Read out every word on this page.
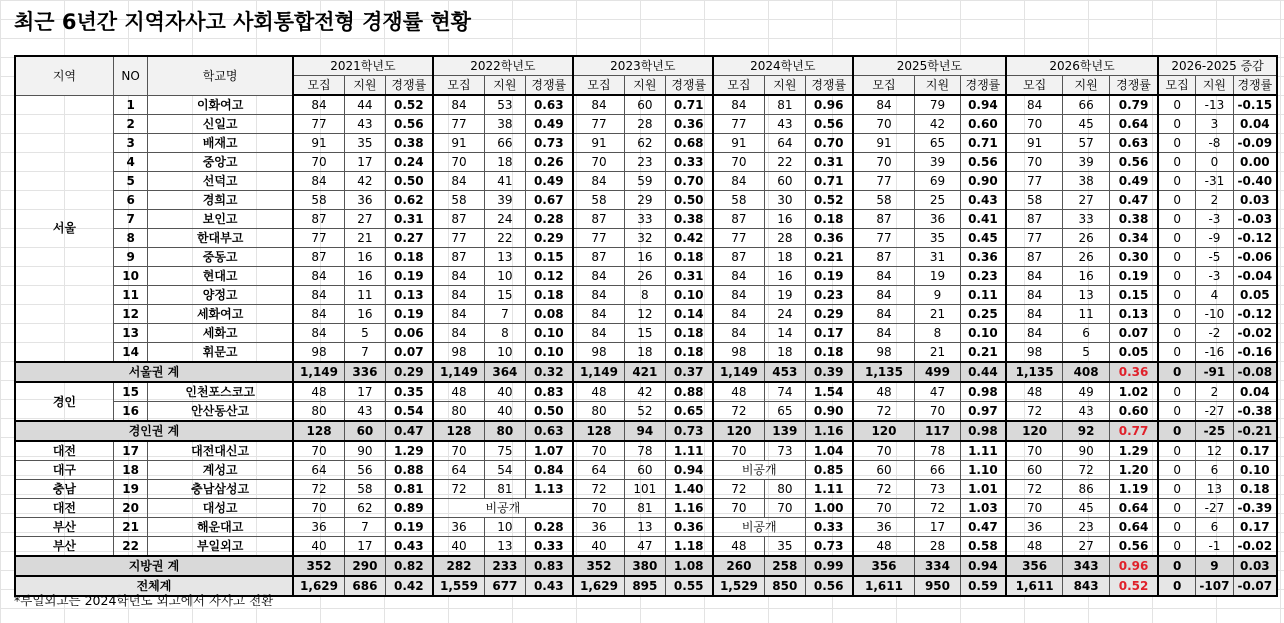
최근 6년간 지역자사고 사회통합전형 경쟁률 현황
지역	NO	학교명	2021학년도			2022학년도			2023학년도			2024학년도			2025학년도			2026학년도			2026-2025 증감		
			모집	지원	경쟁률	모집	지원	경쟁률	모집	지원	경쟁률	모집	지원	경쟁률	모집	지원	경쟁률	모집	지원	경쟁률	모집	지원	경쟁률
서울	1	이화여고	84	44	0.52	84	53	0.63	84	60	0.71	84	81	0.96	84	79	0.94	84	66	0.79	0	-13	-0.15
	2	신일고	77	43	0.56	77	38	0.49	77	28	0.36	77	43	0.56	70	42	0.60	70	45	0.64	0	3	0.04
	3	배재고	91	35	0.38	91	66	0.73	91	62	0.68	91	64	0.70	91	65	0.71	91	57	0.63	0	-8	-0.09
	4	중앙고	70	17	0.24	70	18	0.26	70	23	0.33	70	22	0.31	70	39	0.56	70	39	0.56	0	0	0.00
	5	선덕고	84	42	0.50	84	41	0.49	84	59	0.70	84	60	0.71	77	69	0.90	77	38	0.49	0	-31	-0.40
	6	경희고	58	36	0.62	58	39	0.67	58	29	0.50	58	30	0.52	58	25	0.43	58	27	0.47	0	2	0.03
	7	보인고	87	27	0.31	87	24	0.28	87	33	0.38	87	16	0.18	87	36	0.41	87	33	0.38	0	-3	-0.03
	8	한대부고	77	21	0.27	77	22	0.29	77	32	0.42	77	28	0.36	77	35	0.45	77	26	0.34	0	-9	-0.12
	9	중동고	87	16	0.18	87	13	0.15	87	16	0.18	87	18	0.21	87	31	0.36	87	26	0.30	0	-5	-0.06
	10	현대고	84	16	0.19	84	10	0.12	84	26	0.31	84	16	0.19	84	19	0.23	84	16	0.19	0	-3	-0.04
	11	양정고	84	11	0.13	84	15	0.18	84	8	0.10	84	19	0.23	84	9	0.11	84	13	0.15	0	4	0.05
	12	세화여고	84	16	0.19	84	7	0.08	84	12	0.14	84	24	0.29	84	21	0.25	84	11	0.13	0	-10	-0.12
	13	세화고	84	5	0.06	84	8	0.10	84	15	0.18	84	14	0.17	84	8	0.10	84	6	0.07	0	-2	-0.02
	14	휘문고	98	7	0.07	98	10	0.10	98	18	0.18	98	18	0.18	98	21	0.21	98	5	0.05	0	-16	-0.16
서울권 계			1,149	336	0.29	1,149	364	0.32	1,149	421	0.37	1,149	453	0.39	1,135	499	0.44	1,135	408	0.36	0	-91	-0.08
경인	15	인천포스코고	48	17	0.35	48	40	0.83	48	42	0.88	48	74	1.54	48	47	0.98	48	49	1.02	0	2	0.04
	16	안산동산고	80	43	0.54	80	40	0.50	80	52	0.65	72	65	0.90	72	70	0.97	72	43	0.60	0	-27	-0.38
경인권 계			128	60	0.47	128	80	0.63	128	94	0.73	120	139	1.16	120	117	0.98	120	92	0.77	0	-25	-0.21
대전	17	대전대신고	70	90	1.29	70	75	1.07	70	78	1.11	70	73	1.04	70	78	1.11	70	90	1.29	0	12	0.17
대구	18	계성고	64	56	0.88	64	54	0.84	64	60	0.94	비공개		0.85	60	66	1.10	60	72	1.20	0	6	0.10
충남	19	충남삼성고	72	58	0.81	72	81	1.13	72	101	1.40	72	80	1.11	72	73	1.01	72	86	1.19	0	13	0.18
대전	20	대성고	70	62	0.89	비공개			70	81	1.16	70	70	1.00	70	72	1.03	70	45	0.64	0	-27	-0.39
부산	21	해운대고	36	7	0.19	36	10	0.28	36	13	0.36	비공개		0.33	36	17	0.47	36	23	0.64	0	6	0.17
부산	22	부일외고	40	17	0.43	40	13	0.33	40	47	1.18	48	35	0.73	48	28	0.58	48	27	0.56	0	-1	-0.02
지방권 계			352	290	0.82	282	233	0.83	352	380	1.08	260	258	0.99	356	334	0.94	356	343	0.96	0	9	0.03
전체계			1,629	686	0.42	1,559	677	0.43	1,629	895	0.55	1,529	850	0.56	1,611	950	0.59	1,611	843	0.52	0	-107	-0.07
*부일외고는 2024학년도 외고에서 자사고 전환
